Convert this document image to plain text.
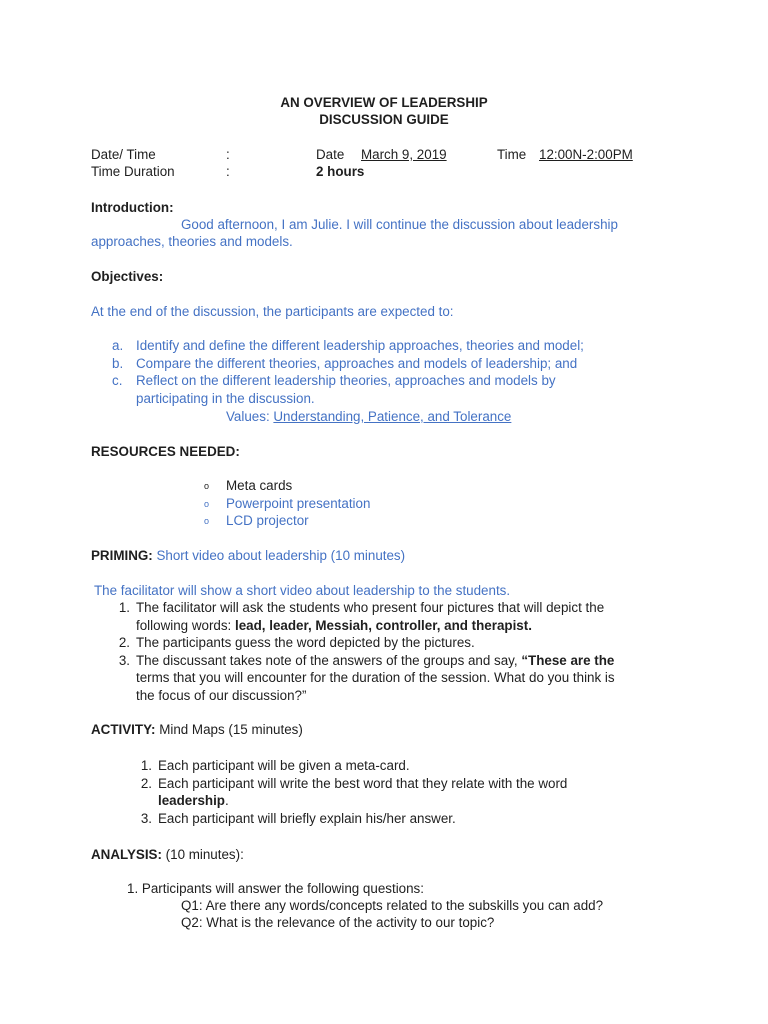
AN OVERVIEW OF LEADERSHIP
DISCUSSION GUIDE
Date/ Time	:	Date March 9, 2019	Time 12:00N-2:00PM
Time Duration	:	2 hours
Introduction:
Good afternoon, I am Julie. I will continue the discussion about leadership
approaches, theories and models.
Objectives:
At the end of the discussion, the participants are expected to:
a. Identify and define the different leadership approaches, theories and model;
b. Compare the different theories, approaches and models of leadership; and
c. Reflect on the different leadership theories, approaches and models by
participating in the discussion.
Values: Understanding, Patience, and Tolerance
RESOURCES NEEDED:
o Meta cards
o Powerpoint presentation
o LCD projector
PRIMING: Short video about leadership (10 minutes)
The facilitator will show a short video about leadership to the students.
1. The facilitator will ask the students who present four pictures that will depict the
following words: lead, leader, Messiah, controller, and therapist.
2. The participants guess the word depicted by the pictures.
3. The discussant takes note of the answers of the groups and say, “These are the
terms that you will encounter for the duration of the session. What do you think is
the focus of our discussion?”
ACTIVITY: Mind Maps (15 minutes)
1. Each participant will be given a meta-card.
2. Each participant will write the best word that they relate with the word
leadership.
3. Each participant will briefly explain his/her answer.
ANALYSIS: (10 minutes):
1. Participants will answer the following questions:
Q1: Are there any words/concepts related to the subskills you can add?
Q2: What is the relevance of the activity to our topic?
